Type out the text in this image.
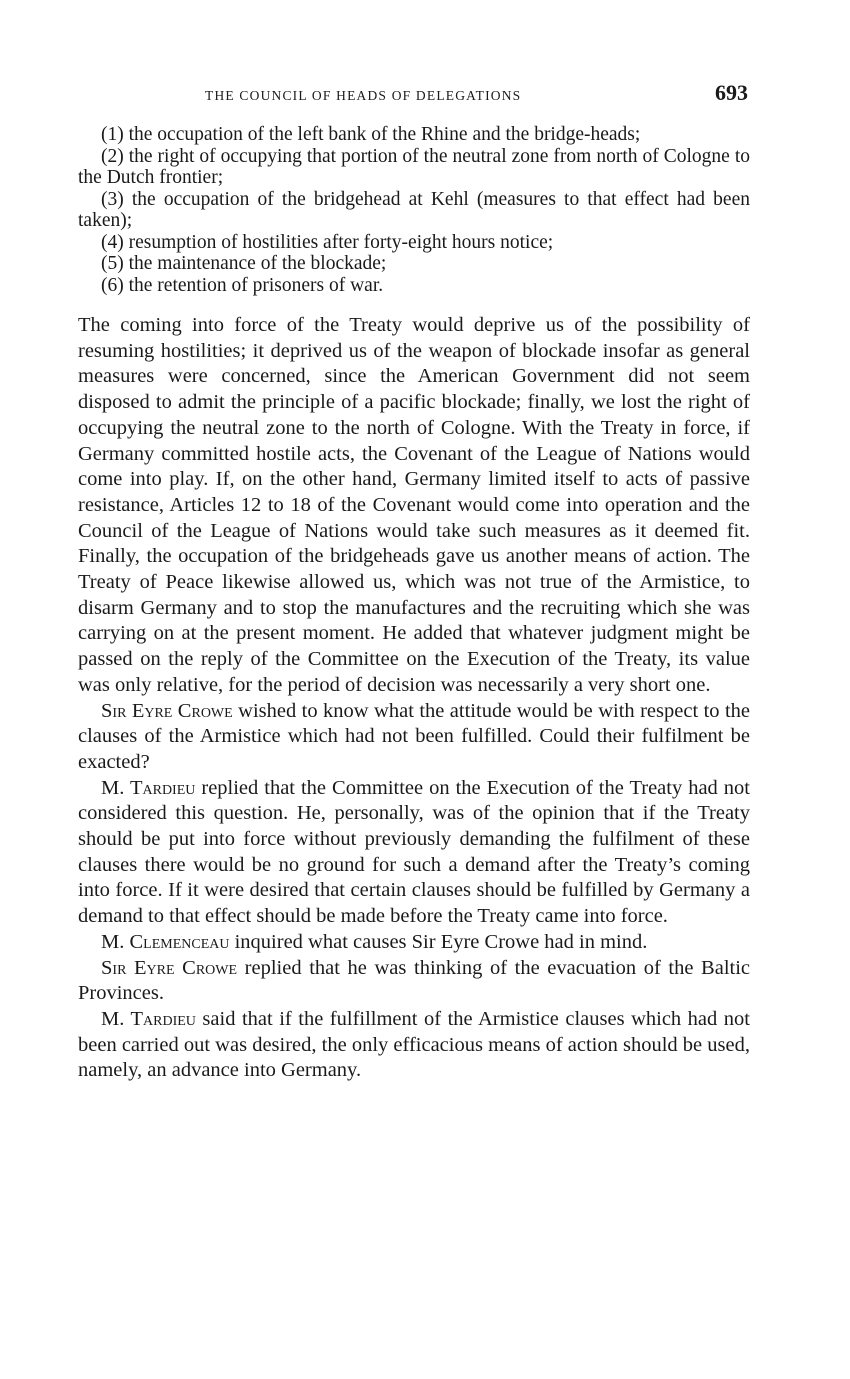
THE COUNCIL OF HEADS OF DELEGATIONS	693
(1) the occupation of the left bank of the Rhine and the bridge-heads;
(2) the right of occupying that portion of the neutral zone from north of Cologne to the Dutch frontier;
(3) the occupation of the bridgehead at Kehl (measures to that effect had been taken);
(4) resumption of hostilities after forty-eight hours notice;
(5) the maintenance of the blockade;
(6) the retention of prisoners of war.

The coming into force of the Treaty would deprive us of the possibility of resuming hostilities; it deprived us of the weapon of blockade insofar as general measures were concerned, since the American Government did not seem disposed to admit the principle of a pacific blockade; finally, we lost the right of occupying the neutral zone to the north of Cologne. With the Treaty in force, if Germany committed hostile acts, the Covenant of the League of Nations would come into play. If, on the other hand, Germany limited itself to acts of passive resistance, Articles 12 to 18 of the Covenant would come into operation and the Council of the League of Nations would take such measures as it deemed fit. Finally, the occupation of the bridgeheads gave us another means of action. The Treaty of Peace likewise allowed us, which was not true of the Armistice, to disarm Germany and to stop the manufactures and the recruiting which she was carrying on at the present moment. He added that whatever judgment might be passed on the reply of the Committee on the Execution of the Treaty, its value was only relative, for the period of decision was necessarily a very short one.

Sir Eyre Crowe wished to know what the attitude would be with respect to the clauses of the Armistice which had not been fulfilled. Could their fulfilment be exacted?

M. Tardieu replied that the Committee on the Execution of the Treaty had not considered this question. He, personally, was of the opinion that if the Treaty should be put into force without previously demanding the fulfilment of these clauses there would be no ground for such a demand after the Treaty’s coming into force. If it were desired that certain clauses should be fulfilled by Germany a demand to that effect should be made before the Treaty came into force.

M. Clemenceau inquired what causes Sir Eyre Crowe had in mind.

Sir Eyre Crowe replied that he was thinking of the evacuation of the Baltic Provinces.

M. Tardieu said that if the fulfillment of the Armistice clauses which had not been carried out was desired, the only efficacious means of action should be used, namely, an advance into Germany.
